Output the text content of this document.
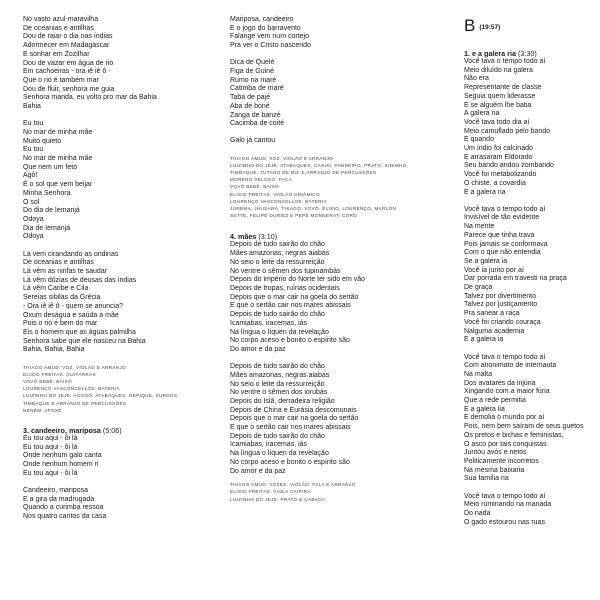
No vasto azul-maravilha
De oceanias e antilhas
Dou de raiar o dia nas índias
Adormecer em Madagascar
E sonhar em Zozilhar
Dou de vazar em água de rio
Em cachoeiras - ora iê iê ô -
Que o rio é também mar
Dou de fluir, senhora me guia
Senhora manda, eu volto pro mar da Bahia
Bahia
Eu tou
No mar de minha mãe
Muito quieto
Eu tou
No mar de minha mãe
Que nem um feto
Agô!
É o sol que vem beijar
Minha Senhora
O sol
Do dia de Iemanjá
Odoya
Dia de Iemanjá
Odoya
Lá vem cirandando as ondinas
De oceanias e antilhas
Lá vêm as ninfas te saudar
Lá vêm dúzias de deusas das índias
Lá vêm Caribe e Cila
Sereias sibilas da Grécia
- Ora iê iê ô - quem se anuncia?
Oxum deságua e saúda a mãe
Pois o rio é bem do mar
Eis o homem que as águas palmilha
Senhora sabe que ele nasceu na Bahia
Bahia, Bahia, Bahia
THIAGO AMUD: VOZ, VIOLÃO E ARRANJO
ELÍSIO FREITAS: GUITARRAS
VOVÔ BEBÊ: BAIXO
LOURENÇO VASCONCELLOS: BATERIA
LUIZINHO DO JEJE: AGOGÔ, ATABAQUES, REPIQUE, SURDOS,
TIMBAQUE E ARRANJO DE PERCUSSÕES
NENÊM: AFOXÉ
3. candeeiro, mariposa (5:06)
Eu tou aqui - ôi lá
Eu tou aqui - ôi lá
Onde nenhum galo canta
Onde nenhum homem ri
Eu tou aqui - ôi lá
Candeeiro, mariposa
E a gira da madrugada
Quando a curimba ressoa
Nos quatro cantos da casa
Mariposa, candeeiro
E o jogo do barravento
Falange vem num cortejo
Pra ver o Cristo nascendo
Dica de Quelé
Figa de Guiné
Rumo na maré
Catimba de maré
Taba de pajé
Aba de boné
Zanga de banzé
Cacimba de coité
Galo já cantou
THIAGO AMUD: VOZ, VIOLÃO E ARRANJO
LUIZINHO DO JEJE: ATABAQUES, CAXIXI, PANDEIRO, PRATO, SINIMHO,
TIMBAQUE, TUTANO DE BOI E ARRANJO DE PERCUSSÕES
MORENO VELOSO: FACA
VOVÔ BEBÊ: BAIXO
ELÍSIO FREITAS: VIOLÃO DINÂMICO
LOURENÇO VASCONCELLOS: BATERIA
JUREMA, JHUSARA, THIAGO, VOVÔ, ELÍSIO, LOURENÇO, MARLON
SETTE, FELIPE DURIEZ E PEPÊ MONNERAT: CORO
4. mães (3:10)
Depois de tudo sairão do chão
Mães amazonas, negras aiabás
No seio o leite da ressurreição
No ventre o sêmen dos tupinambás
Depois do império do Norte ter sido em vão
Depois de tropas, ruínas ocidentais
Depois que o mar cair na goela do sertão
E que o sertão cair nos mares abissais
Depois de tudo sairão do chão
Icamiabas, iracemas, iás
Na língua o líquen da revelação
No corpo aceso e bonito o espírito são
Do amor e da paz
Depois de tudo sairão do chão
Mães amazonas, negras aiabás
No seio o leite da ressurreição
No ventre o sêmen dos iorubás
Depois do Islã, derradeira religião
Depois de China e Eurásia descomunais
Depois que o mar cair na goela do sertão
E que o sertão cair nos mares abissais
Depois de tudo sairão do chão
Icamiabas, iracemas, iás
Na língua o líquen da revelação
No corpo aceso e bonito o espírito são
Do amor e da paz
THIAGO AMUD: VOZES, VIOLÃO, FALA E ARRANJO
ELÍSIO FREITAS: VIOLA CAIPIRA
LUIZINHO DO JEJE: PRATO E CABAÇA
B (19:57)
1. e a galera ria (3:30)
Você tava o tempo todo aí
Meio diluído na galera
Não era
Representante de classe
Seguia quem liderasse
E se alguém lhe batia
A galera ria
Você tava todo dia aí
Meio camuflado pelo bando
E quando
Um índio foi calcinado
E arrasaram Eldorado
Seu bando andou zombando
Você foi metabolizando
O chiste, a covardia
E a galera ria
Você tava o tempo todo aí
Invisível de tão evidente
Na mente
Parece que tinha trava
Pois jamais se conformava
Com o que não entendia
Se a galera ia
Você ia junto por aí
Dar porrada em travesti na praça
De graça
Talvez por divertimento
Talvez por justiçamento
Pra sanear a raça
Você foi criando couraça
Nalguma academia
E a galera ia
Você tava o tempo todo aí
Com anonimato de internauta
Na malta
Dos avatares da injúria
Xingando com a maior fúria
Que a rede permitia
E a galera lia
E demolia o mundo por aí
Pois, nem bem saíram de seus guetos
Os pretos e bichas e feministas,
O asco por tais conquistas
Juntou avós e netos
Politicamente incorretos
Na mesma baixaria
Sua família ria
Você tava o tempo todo aí
Meio ruminando na manada
Do nada
O gado estourou nas ruas
